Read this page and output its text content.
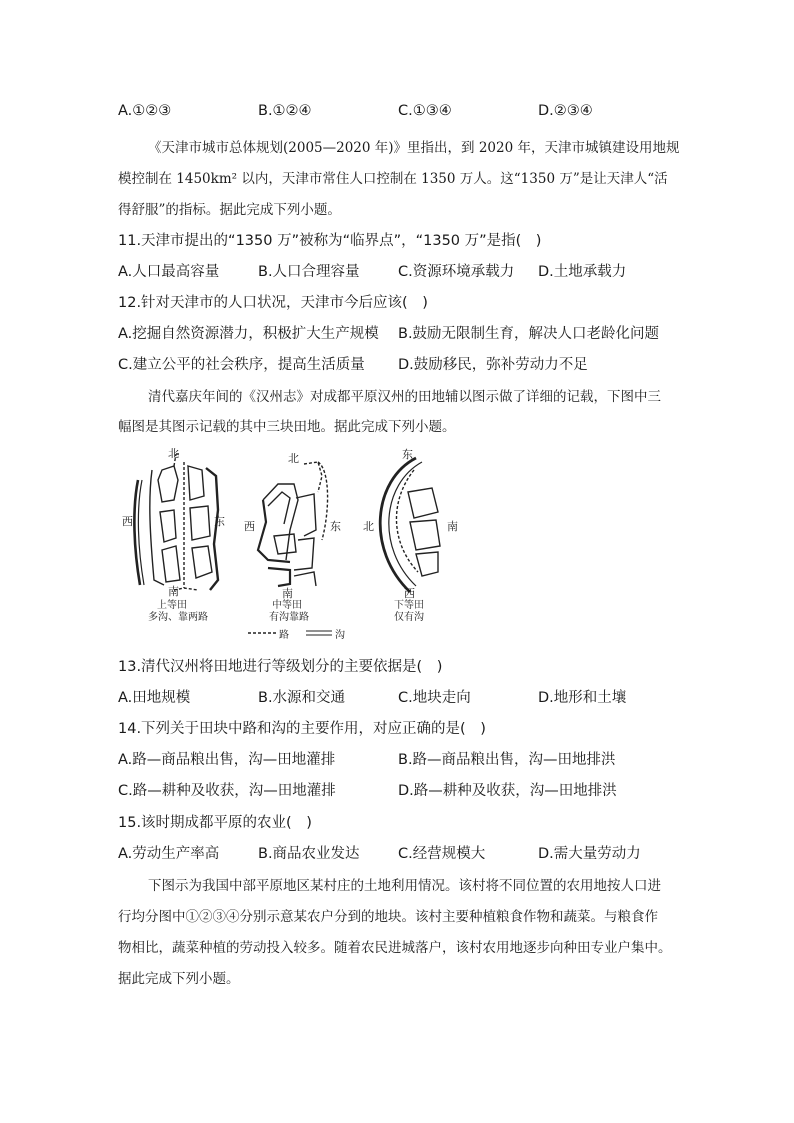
A.①②③	B.①②④	C.①③④	D.②③④
《天津市城市总体规划(2005—2020 年)》里指出，到 2020 年，天津市城镇建设用地规
模控制在 1450km² 以内，天津市常住人口控制在 1350 万人。这“1350 万”是让天津人“活
得舒服”的指标。据此完成下列小题。
11.天津市提出的“1350 万”被称为“临界点”，“1350 万”是指(　)
A.人口最高容量	B.人口合理容量	C.资源环境承载力 D.土地承载力
12.针对天津市的人口状况，天津市今后应该(　)
A.挖掘自然资源潜力，积极扩大生产规模 B.鼓励无限制生育，解决人口老龄化问题
C.建立公平的社会秩序，提高生活质量 D.鼓励移民，弥补劳动力不足
清代嘉庆年间的《汉州志》对成都平原汉州的田地辅以图示做了详细的记载，下图中三
幅图是其图示记载的其中三块田地。据此完成下列小题。
北
西	东
南
上等田
多沟、靠两路
北
西	东
南
中等田
有沟靠路
东
北	南
西
下等田
仅有沟
路	沟
13.清代汉州将田地进行等级划分的主要依据是(　)
A.田地规模	B.水源和交通	C.地块走向	D.地形和土壤
14.下列关于田块中路和沟的主要作用，对应正确的是(　)
A.路—商品粮出售，沟—田地灌排	B.路—商品粮出售，沟—田地排洪
C.路—耕种及收获，沟—田地灌排	D.路—耕种及收获，沟—田地排洪
15.该时期成都平原的农业(　)
A.劳动生产率高	B.商品农业发达	C.经营规模大	D.需大量劳动力
下图示为我国中部平原地区某村庄的土地利用情况。该村将不同位置的农用地按人口进
行均分图中①②③④分别示意某农户分到的地块。该村主要种植粮食作物和蔬菜。与粮食作
物相比，蔬菜种植的劳动投入较多。随着农民进城落户，该村农用地逐步向种田专业户集中。
据此完成下列小题。
